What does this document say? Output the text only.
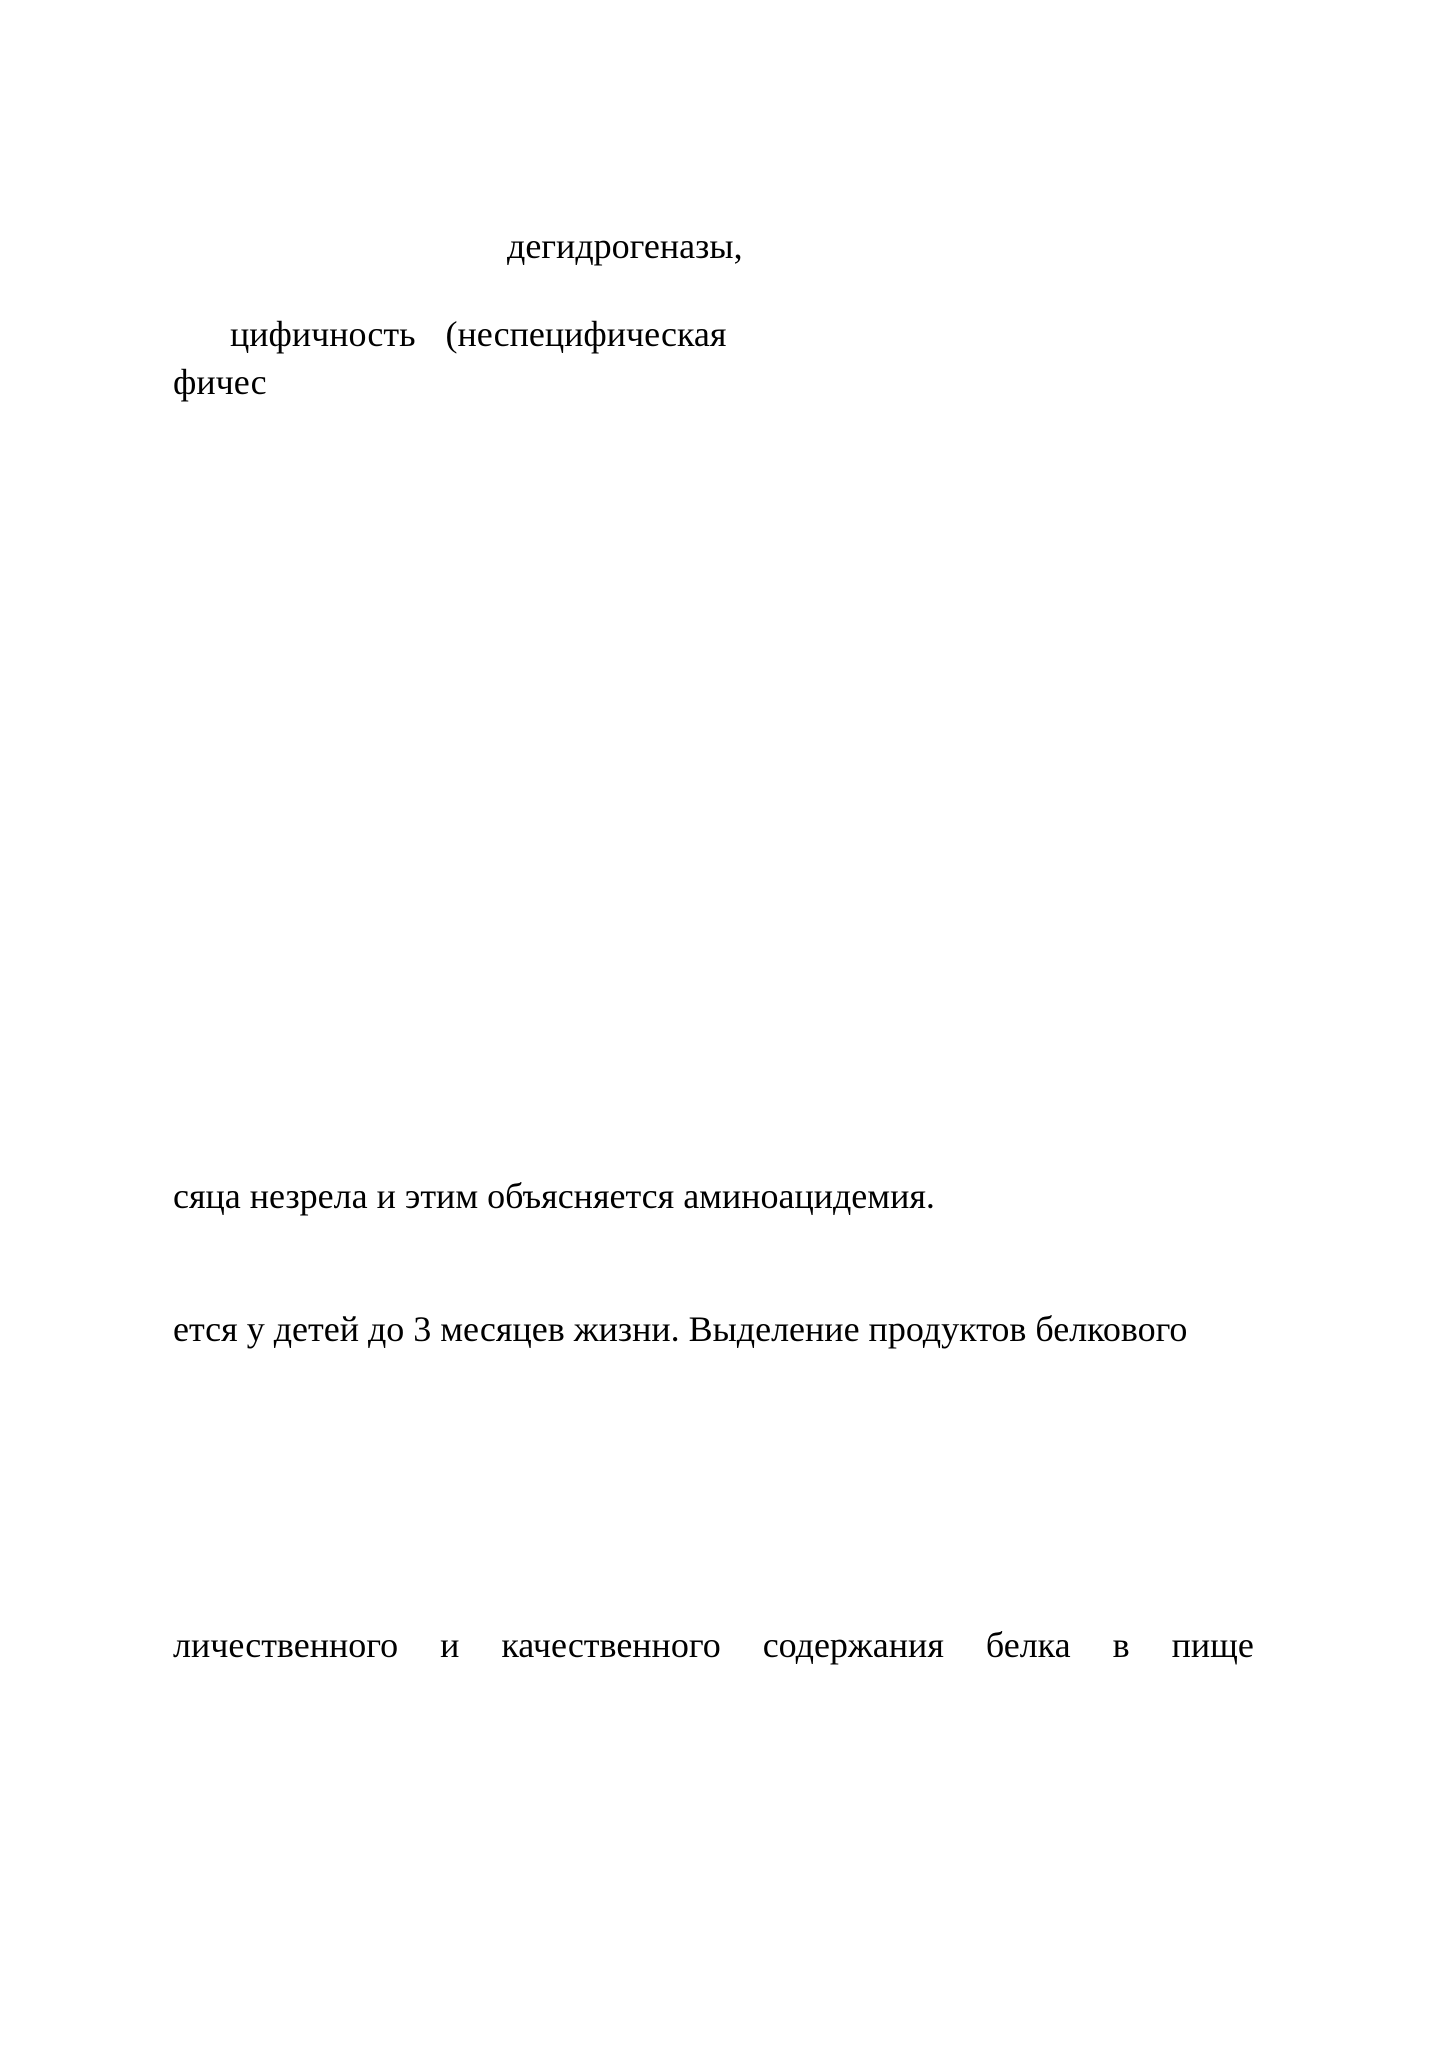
дегидрогеназы,
цифичность  (неспецифическая
фичес
сяца незрела и этим объясняется аминоацидемия.
ется у детей до 3 месяцев жизни. Выделение продуктов белкового
личественного  и  качественного  содержания  белка  в  пище
